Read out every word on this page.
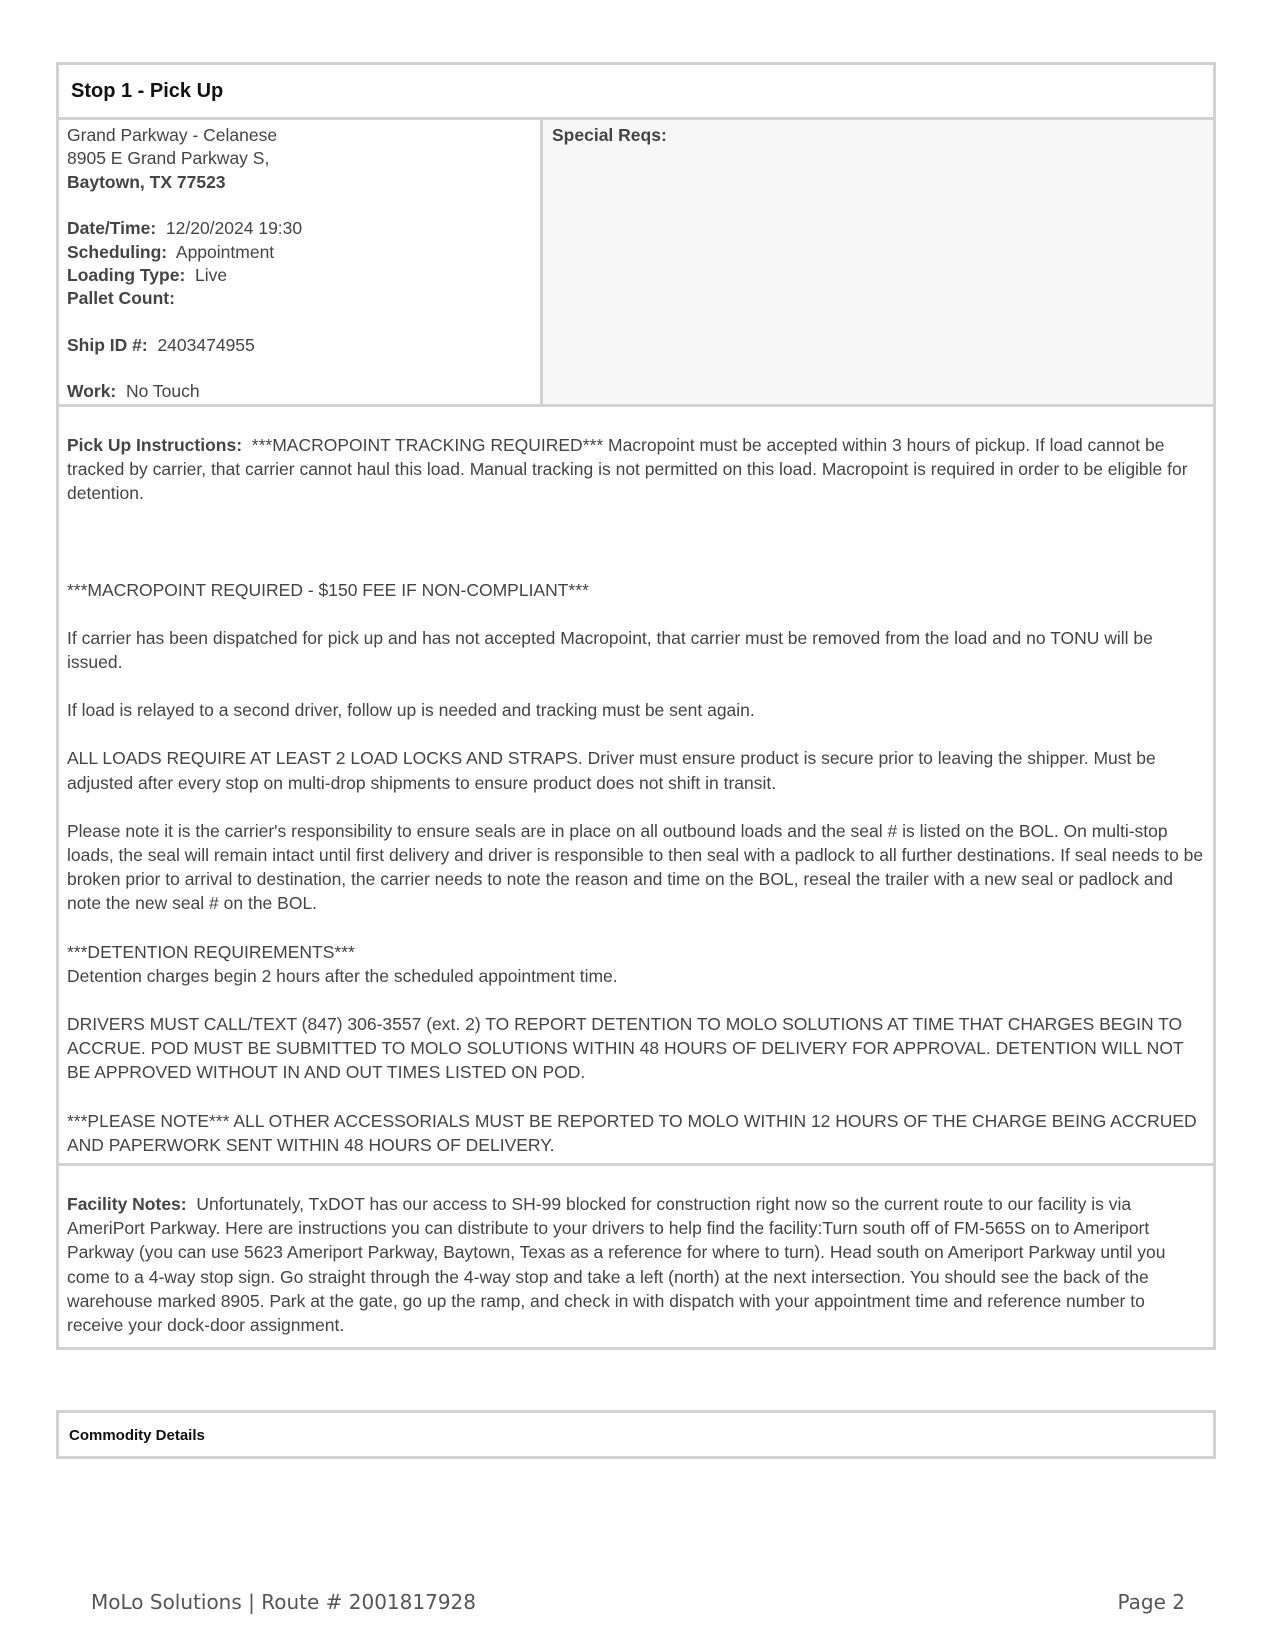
Stop 1 - Pick Up
Grand Parkway - Celanese
8905 E Grand Parkway S,
Baytown, TX 77523
Date/Time: 12/20/2024 19:30
Scheduling: Appointment
Loading Type: Live
Pallet Count:
Ship ID #: 2403474955
Work: No Touch
Special Reqs:

Pick Up Instructions: ***MACROPOINT TRACKING REQUIRED*** Macropoint must be accepted within 3 hours of pickup. If load cannot be tracked by carrier, that carrier cannot haul this load. Manual tracking is not permitted on this load. Macropoint is required in order to be eligible for detention.

***MACROPOINT REQUIRED - $150 FEE IF NON-COMPLIANT***

If carrier has been dispatched for pick up and has not accepted Macropoint, that carrier must be removed from the load and no TONU will be issued.

If load is relayed to a second driver, follow up is needed and tracking must be sent again.

ALL LOADS REQUIRE AT LEAST 2 LOAD LOCKS AND STRAPS. Driver must ensure product is secure prior to leaving the shipper. Must be adjusted after every stop on multi-drop shipments to ensure product does not shift in transit.

Please note it is the carrier's responsibility to ensure seals are in place on all outbound loads and the seal # is listed on the BOL. On multi-stop loads, the seal will remain intact until first delivery and driver is responsible to then seal with a padlock to all further destinations. If seal needs to be broken prior to arrival to destination, the carrier needs to note the reason and time on the BOL, reseal the trailer with a new seal or padlock and note the new seal # on the BOL.

***DETENTION REQUIREMENTS***

Detention charges begin 2 hours after the scheduled appointment time.

DRIVERS MUST CALL/TEXT (847) 306-3557 (ext. 2) TO REPORT DETENTION TO MOLO SOLUTIONS AT TIME THAT CHARGES BEGIN TO ACCRUE. POD MUST BE SUBMITTED TO MOLO SOLUTIONS WITHIN 48 HOURS OF DELIVERY FOR APPROVAL. DETENTION WILL NOT BE APPROVED WITHOUT IN AND OUT TIMES LISTED ON POD.

***PLEASE NOTE*** ALL OTHER ACCESSORIALS MUST BE REPORTED TO MOLO WITHIN 12 HOURS OF THE CHARGE BEING ACCRUED AND PAPERWORK SENT WITHIN 48 HOURS OF DELIVERY.

Facility Notes: Unfortunately, TxDOT has our access to SH-99 blocked for construction right now so the current route to our facility is via AmeriPort Parkway. Here are instructions you can distribute to your drivers to help find the facility:Turn south off of FM-565S on to Ameriport Parkway (you can use 5623 Ameriport Parkway, Baytown, Texas as a reference for where to turn). Head south on Ameriport Parkway until you come to a 4-way stop sign. Go straight through the 4-way stop and take a left (north) at the next intersection. You should see the back of the warehouse marked 8905. Park at the gate, go up the ramp, and check in with dispatch with your appointment time and reference number to receive your dock-door assignment.
Commodity Details
MoLo Solutions | Route # 2001817928	Page 2
